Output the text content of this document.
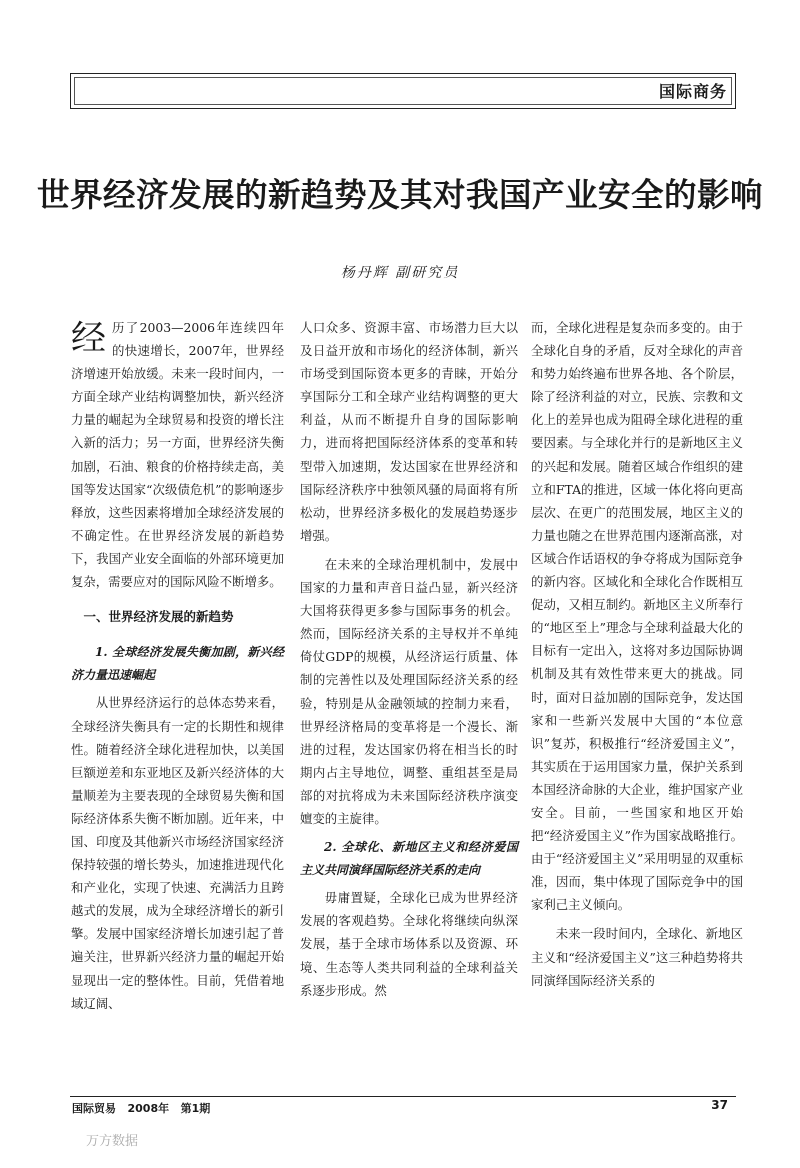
国际商务
世界经济发展的新趋势及其对我国产业安全的影响
杨丹辉 副研究员

经历了2003—2006年连续四年的快速增长，2007年，世界经济增速开始放缓。未来一段时间内，一方面全球产业结构调整加快，新兴经济力量的崛起为全球贸易和投资的增长注入新的活力；另一方面，世界经济失衡加剧，石油、粮食的价格持续走高，美国等发达国家“次级债危机”的影响逐步释放，这些因素将增加全球经济发展的不确定性。在世界经济发展的新趋势下，我国产业安全面临的外部环境更加复杂，需要应对的国际风险不断增多。

一、世界经济发展的新趋势
1. 全球经济发展失衡加剧，新兴经济力量迅速崛起

从世界经济运行的总体态势来看，全球经济失衡具有一定的长期性和规律性。随着经济全球化进程加快，以美国巨额逆差和东亚地区及新兴经济体的大量顺差为主要表现的全球贸易失衡和国际经济体系失衡不断加剧。近年来，中国、印度及其他新兴市场经济国家经济保持较强的增长势头，加速推进现代化和产业化，实现了快速、充满活力且跨越式的发展，成为全球经济增长的新引擎。发展中国家经济增长加速引起了普遍关注，世界新兴经济力量的崛起开始显现出一定的整体性。目前，凭借着地域辽阔、

人口众多、资源丰富、市场潜力巨大以及日益开放和市场化的经济体制，新兴市场受到国际资本更多的青睐，开始分享国际分工和全球产业结构调整的更大利益，从而不断提升自身的国际影响力，进而将把国际经济体系的变革和转型带入加速期，发达国家在世界经济和国际经济秩序中独领风骚的局面将有所松动，世界经济多极化的发展趋势逐步增强。

在未来的全球治理机制中，发展中国家的力量和声音日益凸显，新兴经济大国将获得更多参与国际事务的机会。然而，国际经济关系的主导权并不单纯倚仗GDP的规模，从经济运行质量、体制的完善性以及处理国际经济关系的经验，特别是从金融领域的控制力来看，世界经济格局的变革将是一个漫长、渐进的过程，发达国家仍将在相当长的时期内占主导地位，调整、重组甚至是局部的对抗将成为未来国际经济秩序演变嬗变的主旋律。

2. 全球化、新地区主义和经济爱国主义共同演绎国际经济关系的走向

毋庸置疑，全球化已成为世界经济发展的客观趋势。全球化将继续向纵深发展，基于全球市场体系以及资源、环境、生态等人类共同利益的全球利益关系逐步形成。然

而，全球化进程是复杂而多变的。由于全球化自身的矛盾，反对全球化的声音和势力始终遍布世界各地、各个阶层，除了经济利益的对立，民族、宗教和文化上的差异也成为阻碍全球化进程的重要因素。与全球化并行的是新地区主义的兴起和发展。随着区域合作组织的建立和FTA的推进，区域一体化将向更高层次、在更广的范围发展，地区主义的力量也随之在世界范围内逐渐高涨，对区域合作话语权的争夺将成为国际竞争的新内容。区域化和全球化合作既相互促动，又相互制约。新地区主义所奉行的“地区至上”理念与全球利益最大化的目标有一定出入，这将对多边国际协调机制及其有效性带来更大的挑战。同时，面对日益加剧的国际竞争，发达国家和一些新兴发展中大国的“本位意识”复苏，积极推行“经济爱国主义”，其实质在于运用国家力量，保护关系到本国经济命脉的大企业，维护国家产业安全。目前，一些国家和地区开始把“经济爱国主义”作为国家战略推行。由于“经济爱国主义”采用明显的双重标准，因而，集中体现了国际竞争中的国家利己主义倾向。

未来一段时间内，全球化、新地区主义和“经济爱国主义”这三种趋势将共同演绎国际经济关系的

国际贸易   2008年   第1期	37
万方数据
